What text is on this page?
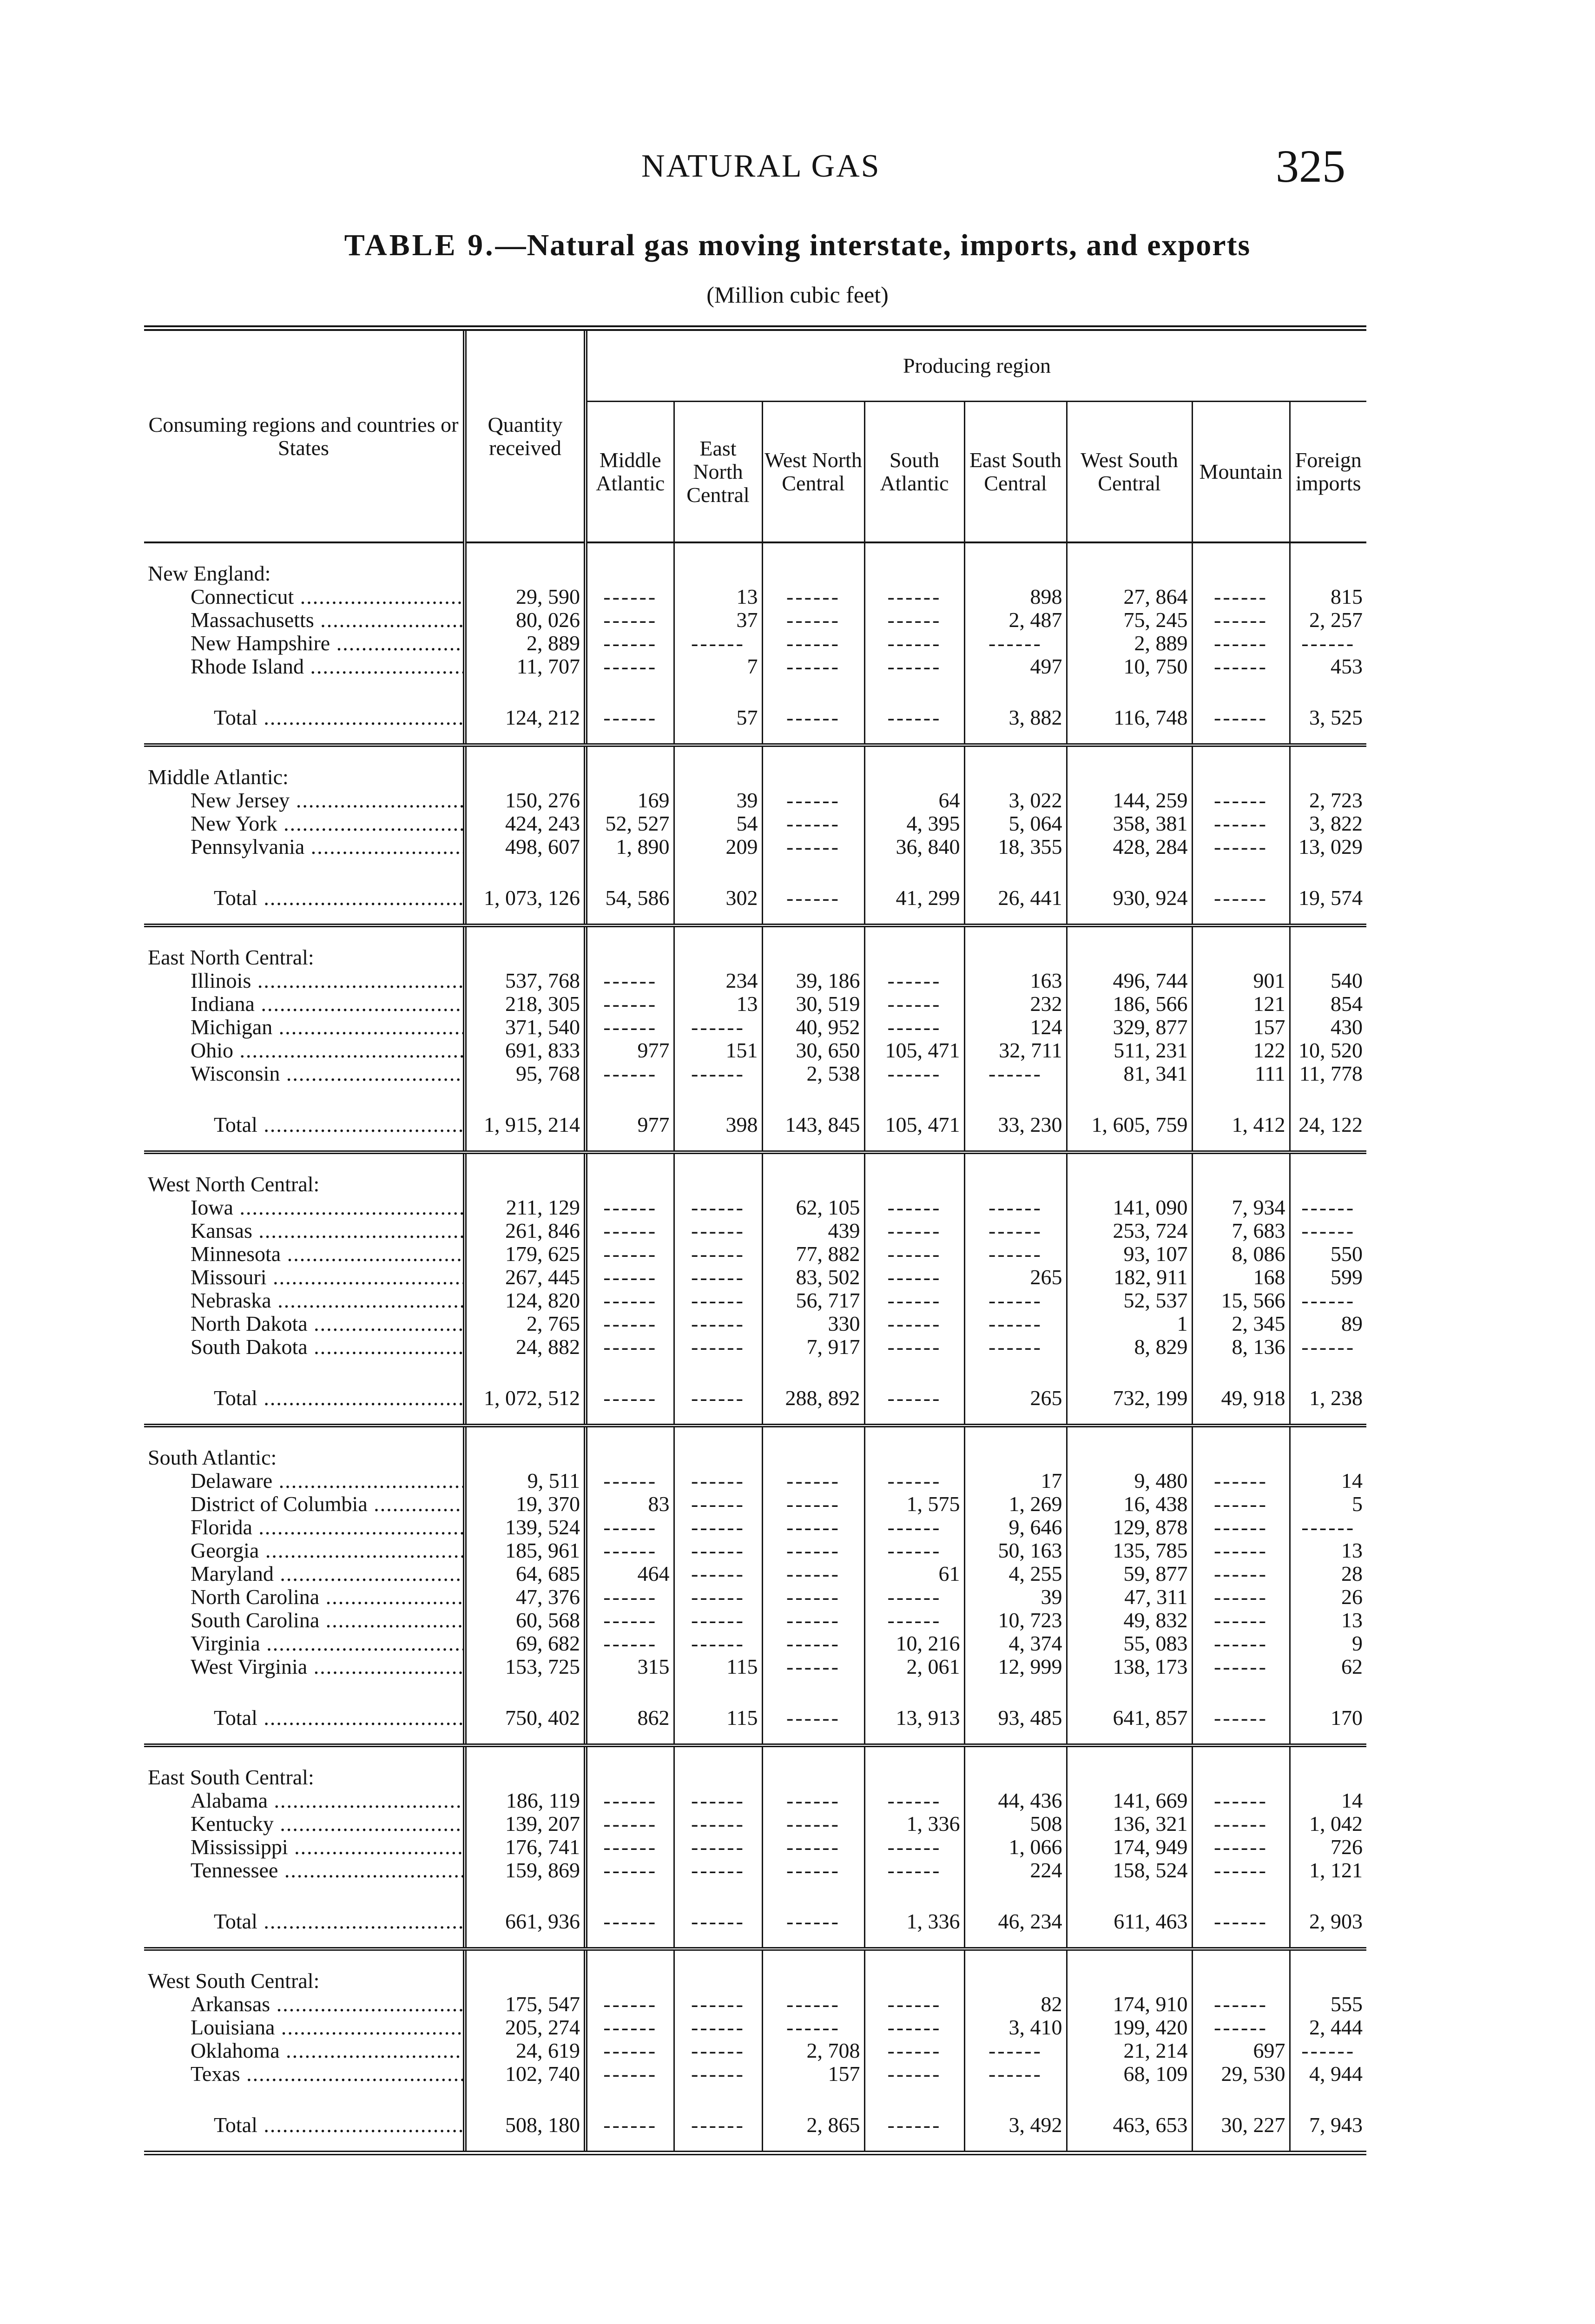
NATURAL GAS	325
TABLE 9.—Natural gas moving interstate, imports, and exports
(Million cubic feet)
Consuming regions and countries or States	Quantity received	Producing region							
		Middle Atlantic	East North Central	West North Central	South Atlantic	East South Central	West South Central	Mountain	Foreign imports
New England:									
Connecticut .....	29, 590	------	13	------	------	898	27, 864	------	815
Massachusetts .....	80, 026	------	37	------	------	2, 487	75, 245	------	2, 257
New Hampshire .....	2, 889	------	------	------	------	------	2, 889	------	------
Rhode Island .....	11, 707	------	7	------	------	497	10, 750	------	453
Total .....	124, 212	------	57	------	------	3, 882	116, 748	------	3, 525
Middle Atlantic:									
New Jersey .....	150, 276	169	39	------	64	3, 022	144, 259	------	2, 723
New York .....	424, 243	52, 527	54	------	4, 395	5, 064	358, 381	------	3, 822
Pennsylvania .....	498, 607	1, 890	209	------	36, 840	18, 355	428, 284	------	13, 029
Total .....	1, 073, 126	54, 586	302	------	41, 299	26, 441	930, 924	------	19, 574
East North Central:									
Illinois .....	537, 768	------	234	39, 186	------	163	496, 744	901	540
Indiana .....	218, 305	------	13	30, 519	------	232	186, 566	121	854
Michigan .....	371, 540	------	------	40, 952	------	124	329, 877	157	430
Ohio .....	691, 833	977	151	30, 650	105, 471	32, 711	511, 231	122	10, 520
Wisconsin .....	95, 768	------	------	2, 538	------	------	81, 341	111	11, 778
Total .....	1, 915, 214	977	398	143, 845	105, 471	33, 230	1, 605, 759	1, 412	24, 122
West North Central:									
Iowa .....	211, 129	------	------	62, 105	------	------	141, 090	7, 934	------
Kansas .....	261, 846	------	------	439	------	------	253, 724	7, 683	------
Minnesota .....	179, 625	------	------	77, 882	------	------	93, 107	8, 086	550
Missouri .....	267, 445	------	------	83, 502	------	265	182, 911	168	599
Nebraska .....	124, 820	------	------	56, 717	------	------	52, 537	15, 566	------
North Dakota .....	2, 765	------	------	330	------	------	1	2, 345	89
South Dakota .....	24, 882	------	------	7, 917	------	------	8, 829	8, 136	------
Total .....	1, 072, 512	------	------	288, 892	------	265	732, 199	49, 918	1, 238
South Atlantic:									
Delaware .....	9, 511	------	------	------	------	17	9, 480	------	14
District of Columbia .....	19, 370	83	------	------	1, 575	1, 269	16, 438	------	5
Florida .....	139, 524	------	------	------	------	9, 646	129, 878	------	------
Georgia .....	185, 961	------	------	------	------	50, 163	135, 785	------	13
Maryland .....	64, 685	464	------	------	61	4, 255	59, 877	------	28
North Carolina .....	47, 376	------	------	------	------	39	47, 311	------	26
South Carolina .....	60, 568	------	------	------	------	10, 723	49, 832	------	13
Virginia .....	69, 682	------	------	------	10, 216	4, 374	55, 083	------	9
West Virginia .....	153, 725	315	115	------	2, 061	12, 999	138, 173	------	62
Total .....	750, 402	862	115	------	13, 913	93, 485	641, 857	------	170
East South Central:									
Alabama .....	186, 119	------	------	------	------	44, 436	141, 669	------	14
Kentucky .....	139, 207	------	------	------	1, 336	508	136, 321	------	1, 042
Mississippi .....	176, 741	------	------	------	------	1, 066	174, 949	------	726
Tennessee .....	159, 869	------	------	------	------	224	158, 524	------	1, 121
Total .....	661, 936	------	------	------	1, 336	46, 234	611, 463	------	2, 903
West South Central:									
Arkansas .....	175, 547	------	------	------	------	82	174, 910	------	555
Louisiana .....	205, 274	------	------	------	------	3, 410	199, 420	------	2, 444
Oklahoma .....	24, 619	------	------	2, 708	------	------	21, 214	697	------
Texas .....	102, 740	------	------	157	------	------	68, 109	29, 530	4, 944
Total .....	508, 180	------	------	2, 865	------	3, 492	463, 653	30, 227	7, 943
